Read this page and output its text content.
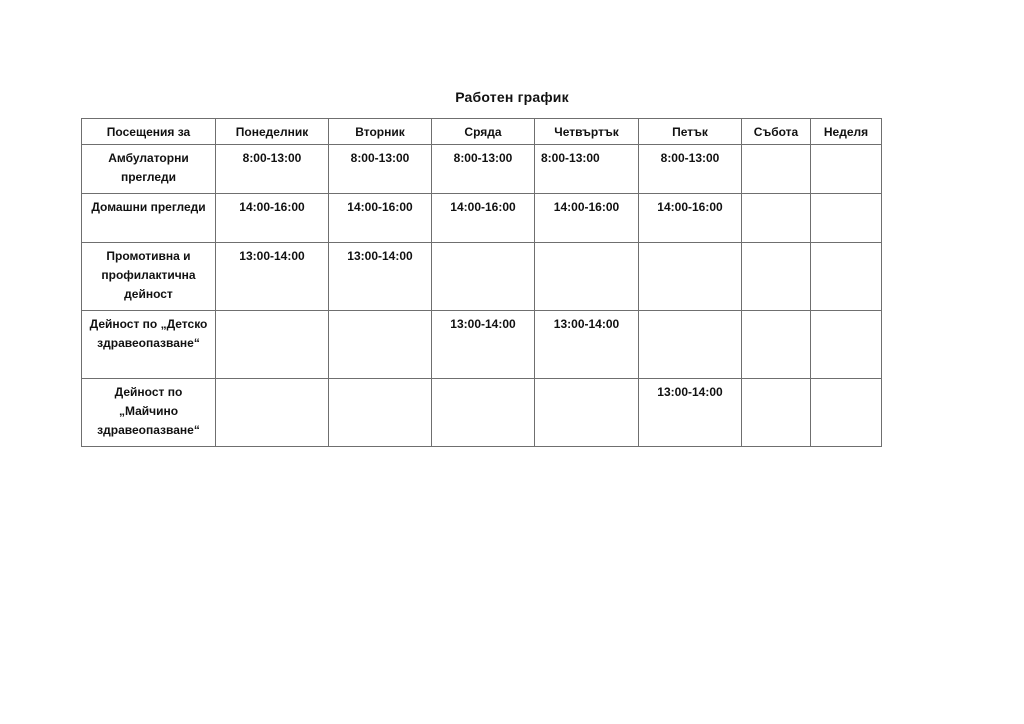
Работен график
Посещения за	Понеделник	Вторник	Сряда	Четвъртък	Петък	Събота	Неделя
Амбулаторни прегледи	8:00-13:00	8:00-13:00	8:00-13:00	8:00-13:00	8:00-13:00		
Домашни прегледи	14:00-16:00	14:00-16:00	14:00-16:00	14:00-16:00	14:00-16:00		
Промотивна и профилактична дейност	13:00-14:00	13:00-14:00					
Дейност по „Детско здравеопазване“			13:00-14:00	13:00-14:00			
Дейност по „Майчино здравеопазване“					13:00-14:00		
